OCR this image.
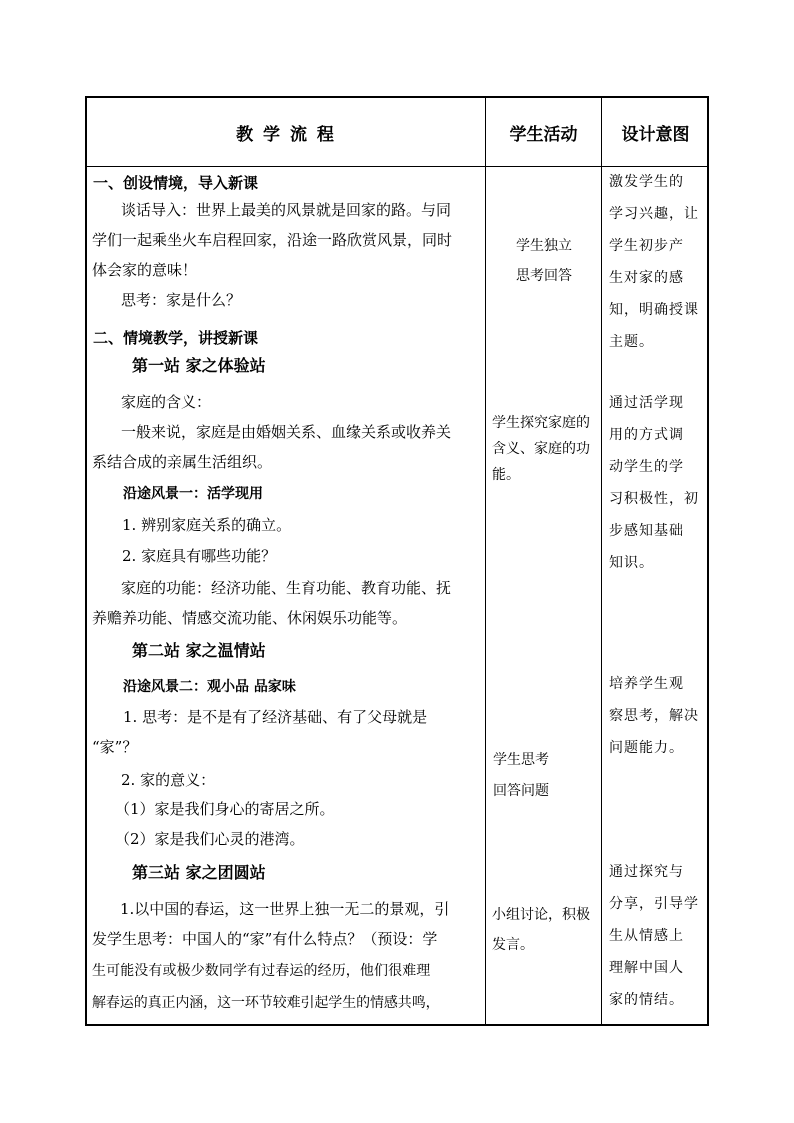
教 学 流 程	学生活动	设计意图
一、创设情境，导入新课
谈话导入：世界上最美的风景就是回家的路。与同
学们一起乘坐火车启程回家，沿途一路欣赏风景，同时
体会家的意味！
思考：家是什么？
二、情境教学，讲授新课
第一站 家之体验站
家庭的含义：
一般来说，家庭是由婚姻关系、血缘关系或收养关
系结合成的亲属生活组织。
沿途风景一：活学现用
1. 辨别家庭关系的确立。
2. 家庭具有哪些功能？
家庭的功能：经济功能、生育功能、教育功能、抚
养赡养功能、情感交流功能、休闲娱乐功能等。
第二站 家之温情站
沿途风景二：观小品 品家味
1. 思考：是不是有了经济基础、有了父母就是
“家”？
2. 家的意义：
（1）家是我们身心的寄居之所。
（2）家是我们心灵的港湾。
第三站 家之团圆站
1.以中国的春运，这一世界上独一无二的景观，引
发学生思考：中国人的“家”有什么特点？（预设：学
生可能没有或极少数同学有过春运的经历，他们很难理
解春运的真正内涵，这一环节较难引起学生的情感共鸣，
学生独立
思考回答
学生探究家庭的
含义、家庭的功
能。
学生思考
回答问题
小组讨论，积极
发言。
激发学生的
学习兴趣，让
学生初步产
生对家的感
知，明确授课
主题。
通过活学现
用的方式调
动学生的学
习积极性，初
步感知基础
知识。
培养学生观
察思考，解决
问题能力。
通过探究与
分享，引导学
生从情感上
理解中国人
家的情结。
